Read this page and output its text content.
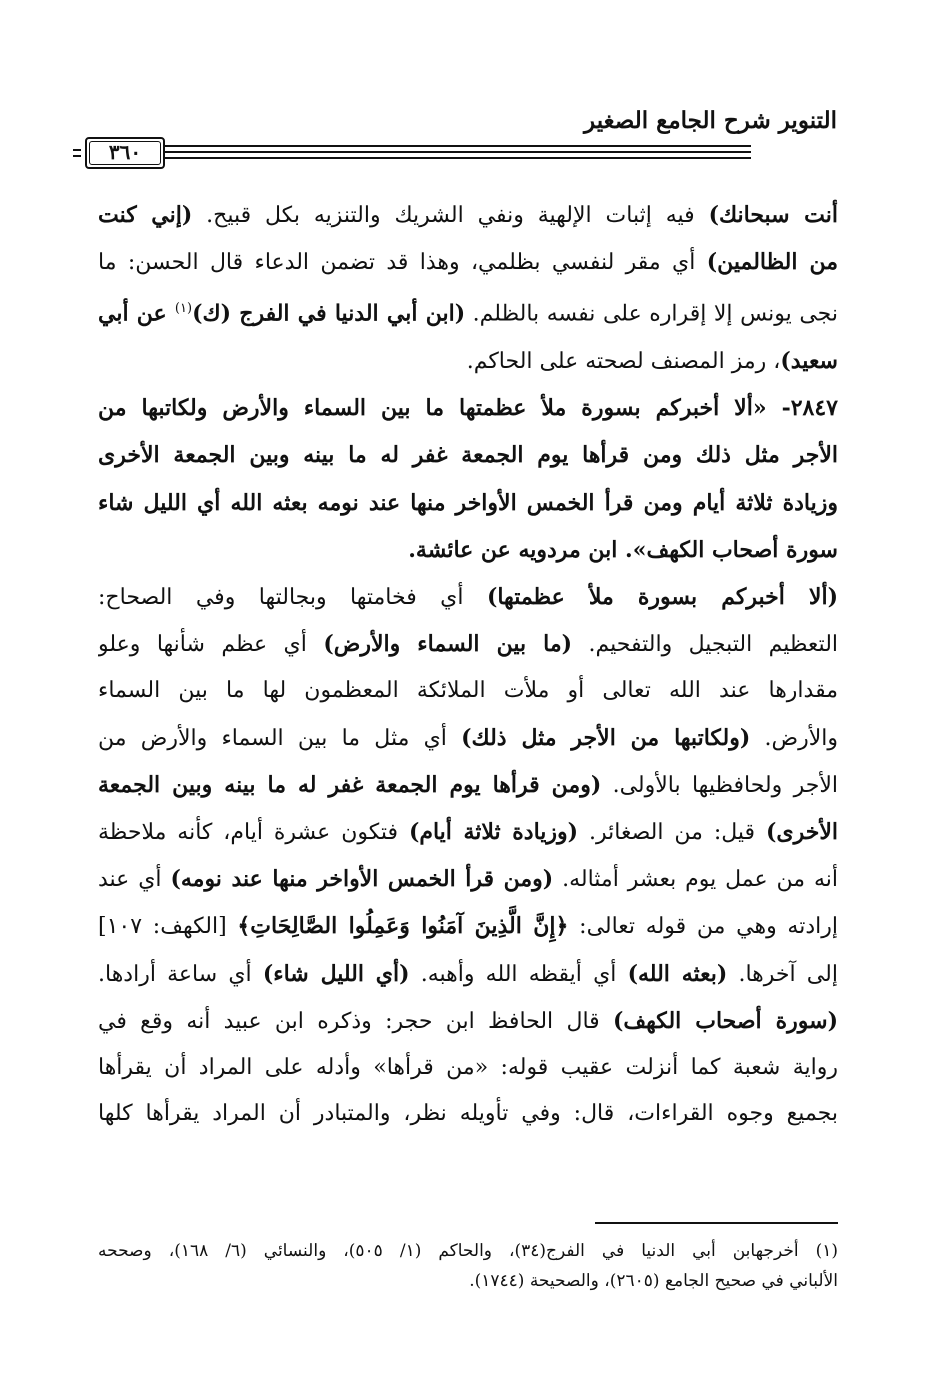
التنوير شرح الجامع الصغير
٣٦٠
أنت سبحانك) فيه إثبات الإلهية ونفي الشريك والتنزيه بكل قبيح. (إني كنت
من الظالمين) أي مقر لنفسي بظلمي، وهذا قد تضمن الدعاء قال الحسن: ما
نجى يونس إلا إقراره على نفسه بالظلم. (ابن أبي الدنيا في الفرج (ك)$^{(١)}$ عن أبي
سعيد)، رمز المصنف لصحته على الحاكم.
٢٨٤٧- «ألا أخبركم بسورة ملأ عظمتها ما بين السماء والأرض ولكاتبها من
الأجر مثل ذلك ومن قرأها يوم الجمعة غفر له ما بينه وبين الجمعة الأخرى
وزيادة ثلاثة أيام ومن قرأ الخمس الأواخر منها عند نومه بعثه الله أي الليل شاء
سورة أصحاب الكهف». ابن مردويه عن عائشة.
(ألا أخبركم بسورة ملأ عظمتها) أي فخامتها وبجالتها وفي الصحاح:
التعظيم التبجيل والتفحيم. (ما بين السماء والأرض) أي عظم شأنها وعلو
مقدارها عند الله تعالى أو ملأت الملائكة المعظمون لها ما بين السماء
والأرض. (ولكاتبها من الأجر مثل ذلك) أي مثل ما بين السماء والأرض من
الأجر ولحافظيها بالأولى. (ومن قرأها يوم الجمعة غفر له ما بينه وبين الجمعة
الأخرى) قيل: من الصغائر. (وزيادة ثلاثة أيام) فتكون عشرة أيام، كأنه ملاحظة
أنه من عمل يوم بعشر أمثاله. (ومن قرأ الخمس الأواخر منها عند نومه) أي عند
إرادته وهي من قوله تعالى: ﴿إِنَّ الَّذِينَ آمَنُوا وَعَمِلُوا الصَّالِحَاتِ﴾ [الكهف: ١٠٧]
إلى آخرها. (بعثه الله) أي أيقظه الله وأهبه. (أي الليل شاء) أي ساعة أرادها.
(سورة أصحاب الكهف) قال الحافظ ابن حجر: وذكره ابن عبيد أنه وقع في
رواية شعبة كما أنزلت عقيب قوله: «من قرأها» وأدله على المراد أن يقرأها
بجميع وجوه القراءات، قال: وفي تأويله نظر، والمتبادر أن المراد يقرأها كلها
(١) أخرجهابن أبي الدنيا في الفرج(٣٤)، والحاكم (١/ ٥٠٥)، والنسائي (٦/ ١٦٨)، وصححه
الألباني في صحيح الجامع (٢٦٠٥)، والصحيحة (١٧٤٤).
